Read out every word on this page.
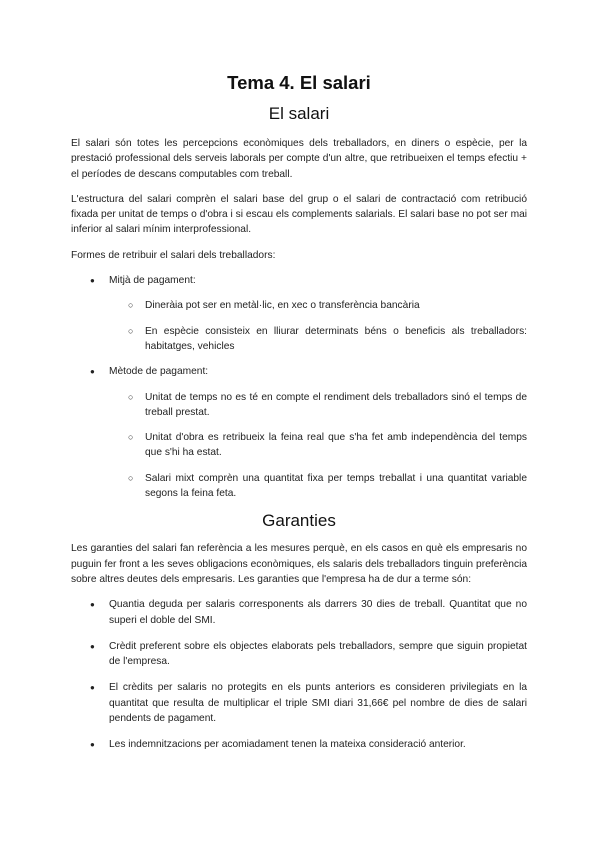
Tema 4. El salari
El salari

El salari són totes les percepcions econòmiques dels treballadors, en diners o espècie, per la prestació professional dels serveis laborals per compte d'un altre, que retribueixen el temps efectiu + el períodes de descans computables com treball.

L'estructura del salari comprèn el salari base del grup o el salari de contractació com retribució fixada per unitat de temps o d'obra i si escau els complements salarials. El salari base no pot ser mai inferior al salari mínim interprofessional.

Formes de retribuir el salari dels treballadors:

● Mitjà de pagament:
○ Dineràia pot ser en metàl·lic, en xec o transferència bancària
○ En espècie consisteix en lliurar determinats béns o beneficis als treballadors: habitatges, vehicles
● Mètode de pagament:
○ Unitat de temps no es té en compte el rendiment dels treballadors sinó el temps de treball prestat.
○ Unitat d'obra es retribueix la feina real que s'ha fet amb independència del temps que s'hi ha estat.
○ Salari mixt comprèn una quantitat fixa per temps treballat i una quantitat variable segons la feina feta.
Garanties

Les garanties del salari fan referència a les mesures perquè, en els casos en què els empresaris no puguin fer front a les seves obligacions econòmiques, els salaris dels treballadors tinguin preferència sobre altres deutes dels empresaris. Les garanties que l'empresa ha de dur a terme són:

● Quantia deguda per salaris corresponents als darrers 30 dies de treball. Quantitat que no superi el doble del SMI.
● Crèdit preferent sobre els objectes elaborats pels treballadors, sempre que siguin propietat de l'empresa.
● El crèdits per salaris no protegits en els punts anteriors es consideren privilegiats en la quantitat que resulta de multiplicar el triple SMI diari 31,66€ pel nombre de dies de salari pendents de pagament.
● Les indemnitzacions per acomiadament tenen la mateixa consideració anterior.
